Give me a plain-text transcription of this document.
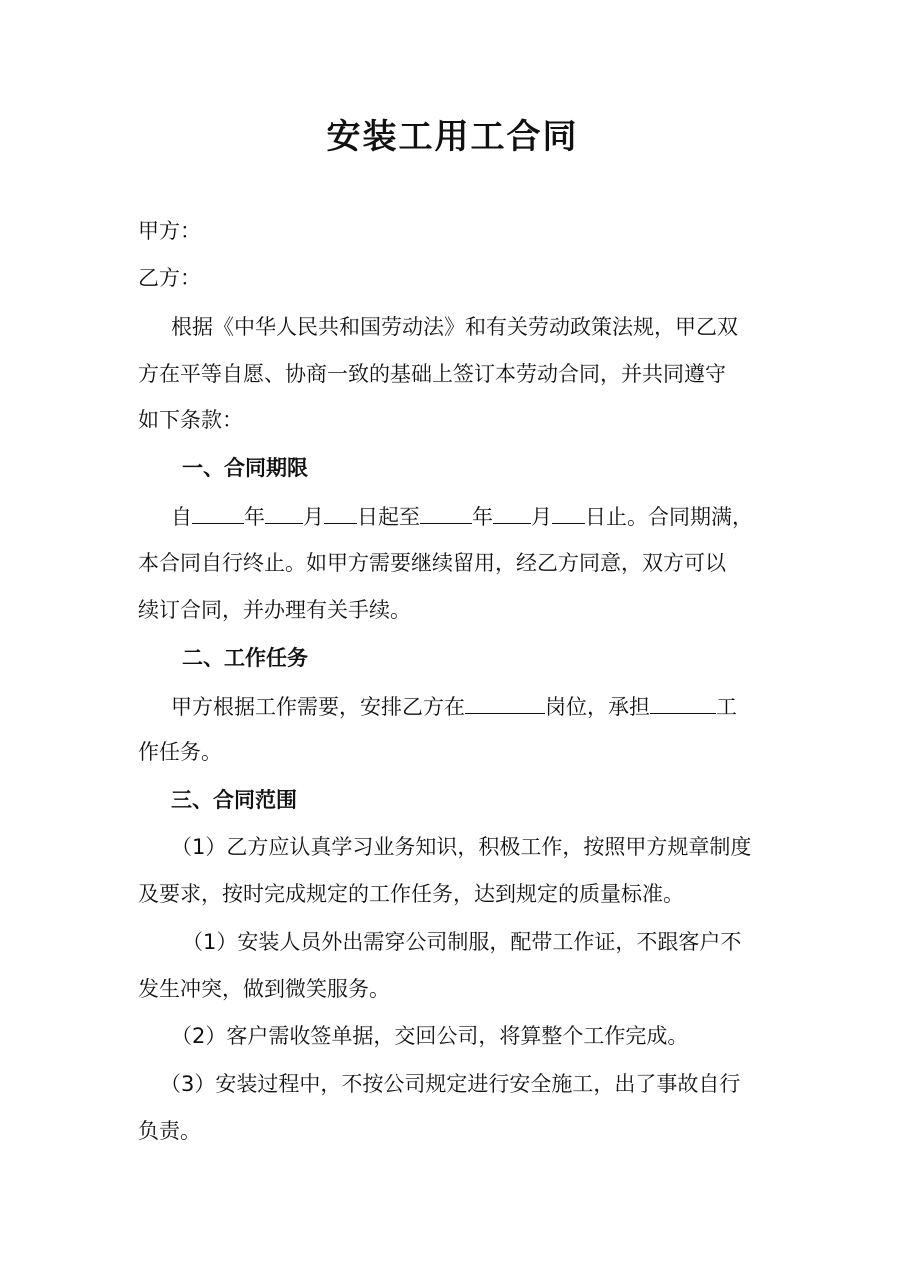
安装工用工合同
甲方：
乙方：
根据《中华人民共和国劳动法》和有关劳动政策法规，甲乙双
方在平等自愿、协商一致的基础上签订本劳动合同，并共同遵守
如下条款：
一、合同期限
自 年 月 日起至 年 月 日止。合同期满，
本合同自行终止。如甲方需要继续留用，经乙方同意，双方可以
续订合同，并办理有关手续。
二、工作任务
甲方根据工作需要，安排乙方在	岗位，承担	工
作任务。
三、合同范围
（1）乙方应认真学习业务知识，积极工作，按照甲方规章制度
及要求，按时完成规定的工作任务，达到规定的质量标准。
（1）安装人员外出需穿公司制服，配带工作证，不跟客户不
发生冲突，做到微笑服务。
（2）客户需收签单据，交回公司，将算整个工作完成。
（3）安装过程中，不按公司规定进行安全施工，出了事故自行
负责。
